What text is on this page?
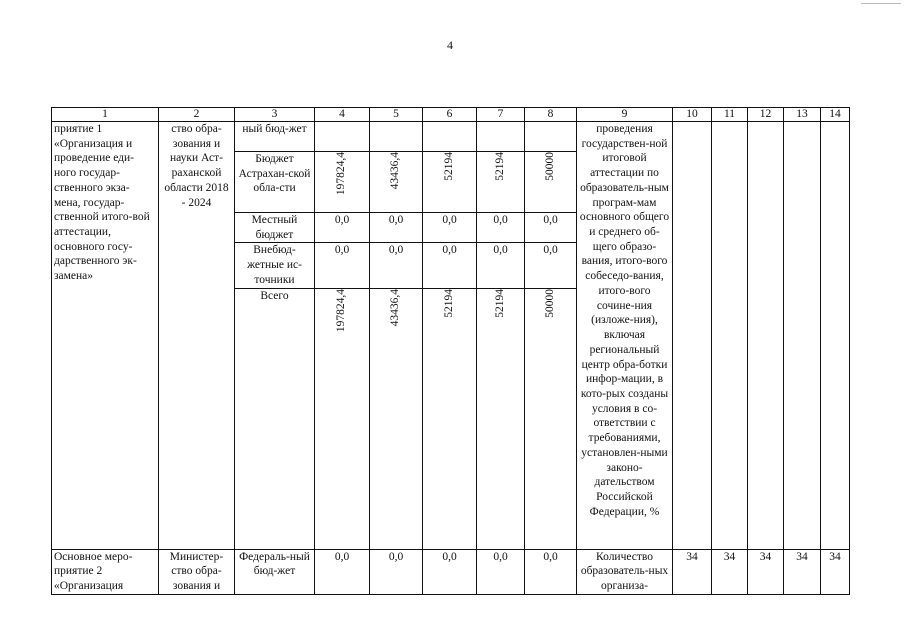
4
1	2	3	4	5	6	7	8	9	10	11	12	13	14
приятие 1 «Организация и проведение еди-ного государ-ственного экза-мена, государ-ственной итого-вой аттестации, основного госу-дарственного эк-замена»	ство обра-зования и науки Аст-раханской области 2018 - 2024	ный бюд-жет						проведения государствен-ной итоговой аттестации по образователь-ным програм-мам основного общего и среднего об-щего образо-вания, итого-вого собеседо-вания, итого-вого сочине-ния (изложе-ния), включая региональный центр обра-ботки инфор-мации, в кото-рых созданы условия в со-ответствии с требованиями, установлен-ными законо-дательством Российской Федерации, %					
		Бюджет Астрахан-ской обла-сти	197824,4	43436,4	52194	52194	50000						

		Местный бюджет	0,0	0,0	0,0	0,0	0,0						
		Внебюд-жетные ис-точники	0,0	0,0	0,0	0,0	0,0						
		Всего	197824,4	43436,4	52194	52194	50000						

Основное меро-приятие 2 «Организация	Министер-ство обра-зования и	Федераль-ный бюд-жет	0,0	0,0	0,0	0,0	0,0	Количество образователь-ных организа-	34	34	34	34	34
